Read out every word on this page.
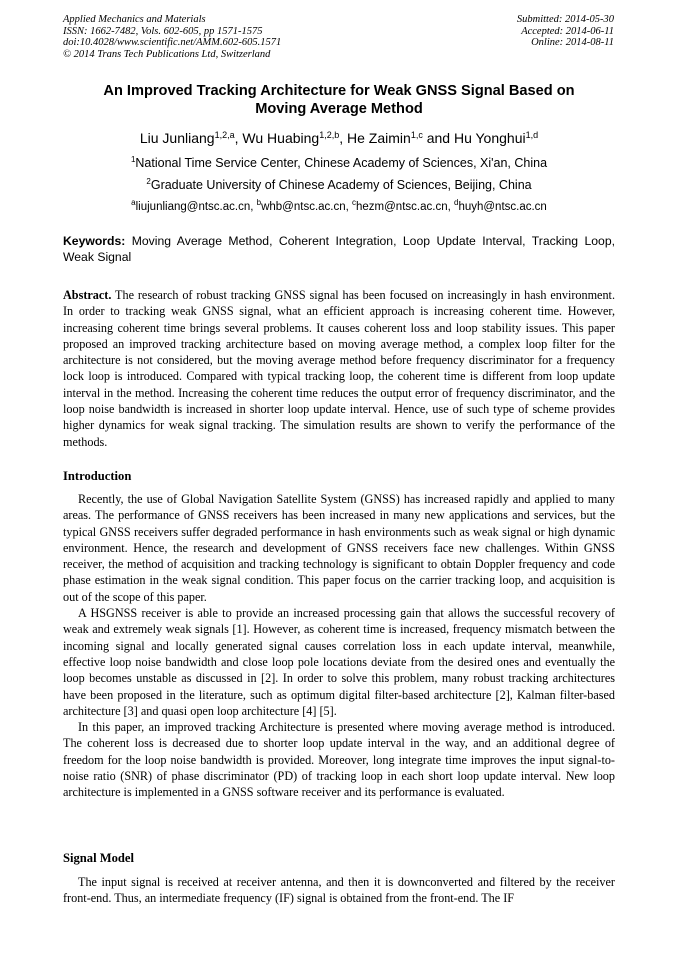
Applied Mechanics and Materials
ISSN: 1662-7482, Vols. 602-605, pp 1571-1575
doi:10.4028/www.scientific.net/AMM.602-605.1571
© 2014 Trans Tech Publications Ltd, Switzerland
Submitted: 2014-05-30
Accepted: 2014-06-11
Online: 2014-08-11
An Improved Tracking Architecture for Weak GNSS Signal Based on
Moving Average Method
Liu Junliang$^{1,2,a}$, Wu Huabing$^{1,2,b}$, He Zaimin$^{1,c}$ and Hu Yonghui$^{1,d}$
$^1$National Time Service Center, Chinese Academy of Sciences, Xi'an, China
$^2$Graduate University of Chinese Academy of Sciences, Beijing, China
$^a$liujunliang@ntsc.ac.cn, $^b$whb@ntsc.ac.cn, $^c$hezm@ntsc.ac.cn, $^d$huyh@ntsc.ac.cn
Keywords: Moving Average Method, Coherent Integration, Loop Update Interval, Tracking Loop, Weak Signal
Abstract. The research of robust tracking GNSS signal has been focused on increasingly in hash environment. In order to tracking weak GNSS signal, what an efficient approach is increasing coherent time. However, increasing coherent time brings several problems. It causes coherent loss and loop stability issues. This paper proposed an improved tracking architecture based on moving average method, a complex loop filter for the architecture is not considered, but the moving average method before frequency discriminator for a frequency lock loop is introduced. Compared with typical tracking loop, the coherent time is different from loop update interval in the method. Increasing the coherent time reduces the output error of frequency discriminator, and the loop noise bandwidth is increased in shorter loop update interval. Hence, use of such type of scheme provides higher dynamics for weak signal tracking. The simulation results are shown to verify the performance of the methods.
Introduction

Recently, the use of Global Navigation Satellite System (GNSS) has increased rapidly and applied to many areas. The performance of GNSS receivers has been increased in many new applications and services, but the typical GNSS receivers suffer degraded performance in hash environments such as weak signal or high dynamic environment. Hence, the research and development of GNSS receivers face new challenges. Within GNSS receiver, the method of acquisition and tracking technology is significant to obtain Doppler frequency and code phase estimation in the weak signal condition. This paper focus on the carrier tracking loop, and acquisition is out of the scope of this paper.

A HSGNSS receiver is able to provide an increased processing gain that allows the successful recovery of weak and extremely weak signals [1]. However, as coherent time is increased, frequency mismatch between the incoming signal and locally generated signal causes correlation loss in each update interval, meanwhile, effective loop noise bandwidth and close loop pole locations deviate from the desired ones and eventually the loop becomes unstable as discussed in [2]. In order to solve this problem, many robust tracking architectures have been proposed in the literature, such as optimum digital filter-based architecture [2], Kalman filter-based architecture [3] and quasi open loop architecture [4] [5].

In this paper, an improved tracking Architecture is presented where moving average method is introduced. The coherent loss is decreased due to shorter loop update interval in the way, and an additional degree of freedom for the loop noise bandwidth is provided. Moreover, long integrate time improves the input signal-to-noise ratio (SNR) of phase discriminator (PD) of tracking loop in each short loop update interval. New loop architecture is implemented in a GNSS software receiver and its performance is evaluated.

Signal Model

The input signal is received at receiver antenna, and then it is downconverted and filtered by the receiver front-end. Thus, an intermediate frequency (IF) signal is obtained from the front-end. The IF
